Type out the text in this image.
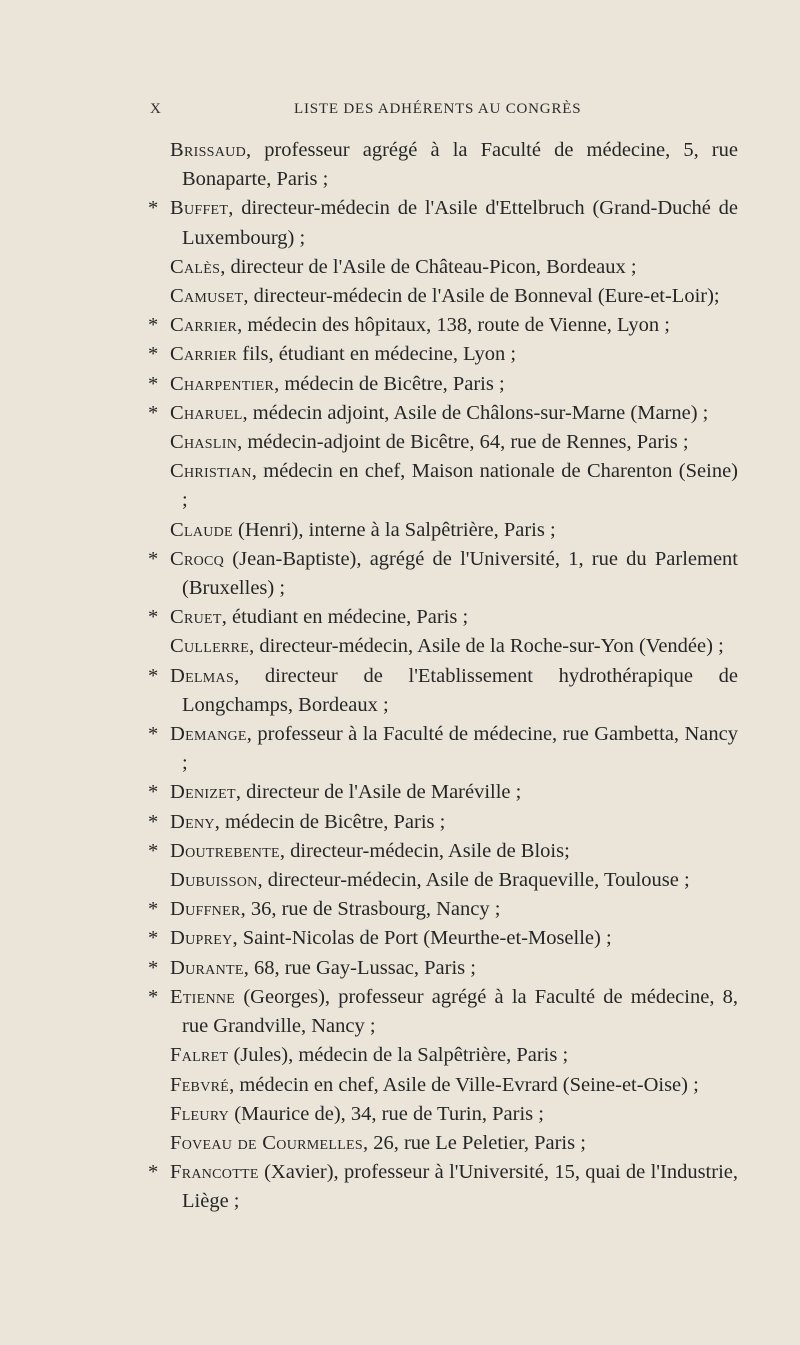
X	LISTE DES ADHÉRENTS AU CONGRÈS

Brissaud, professeur agrégé à la Faculté de médecine, 5, rue Bonaparte, Paris ;

* Buffet, directeur-médecin de l'Asile d'Ettelbruch (Grand-Duché de Luxembourg) ;

Calès, directeur de l'Asile de Château-Picon, Bordeaux ;

Camuset, directeur-médecin de l'Asile de Bonneval (Eure-et-Loir);

* Carrier, médecin des hôpitaux, 138, route de Vienne, Lyon ;

* Carrier fils, étudiant en médecine, Lyon ;

* Charpentier, médecin de Bicêtre, Paris ;

* Charuel, médecin adjoint, Asile de Châlons-sur-Marne (Marne) ;

Chaslin, médecin-adjoint de Bicêtre, 64, rue de Rennes, Paris ;

Christian, médecin en chef, Maison nationale de Charenton (Seine) ;

Claude (Henri), interne à la Salpêtrière, Paris ;

* Crocq (Jean-Baptiste), agrégé de l'Université, 1, rue du Parlement (Bruxelles) ;

* Cruet, étudiant en médecine, Paris ;

Cullerre, directeur-médecin, Asile de la Roche-sur-Yon (Vendée) ;

* Delmas, directeur de l'Etablissement hydrothérapique de Longchamps, Bordeaux ;

* Demange, professeur à la Faculté de médecine, rue Gambetta, Nancy ;

* Denizet, directeur de l'Asile de Maréville ;

* Deny, médecin de Bicêtre, Paris ;

* Doutrebente, directeur-médecin, Asile de Blois;

Dubuisson, directeur-médecin, Asile de Braqueville, Toulouse ;

* Duffner, 36, rue de Strasbourg, Nancy ;

* Duprey, Saint-Nicolas de Port (Meurthe-et-Moselle) ;

* Durante, 68, rue Gay-Lussac, Paris ;

* Etienne (Georges), professeur agrégé à la Faculté de médecine, 8, rue Grandville, Nancy ;

Falret (Jules), médecin de la Salpêtrière, Paris ;

Febvré, médecin en chef, Asile de Ville-Evrard (Seine-et-Oise) ;

Fleury (Maurice de), 34, rue de Turin, Paris ;

Foveau de Courmelles, 26, rue Le Peletier, Paris ;

* Francotte (Xavier), professeur à l'Université, 15, quai de l'Industrie, Liège ;
